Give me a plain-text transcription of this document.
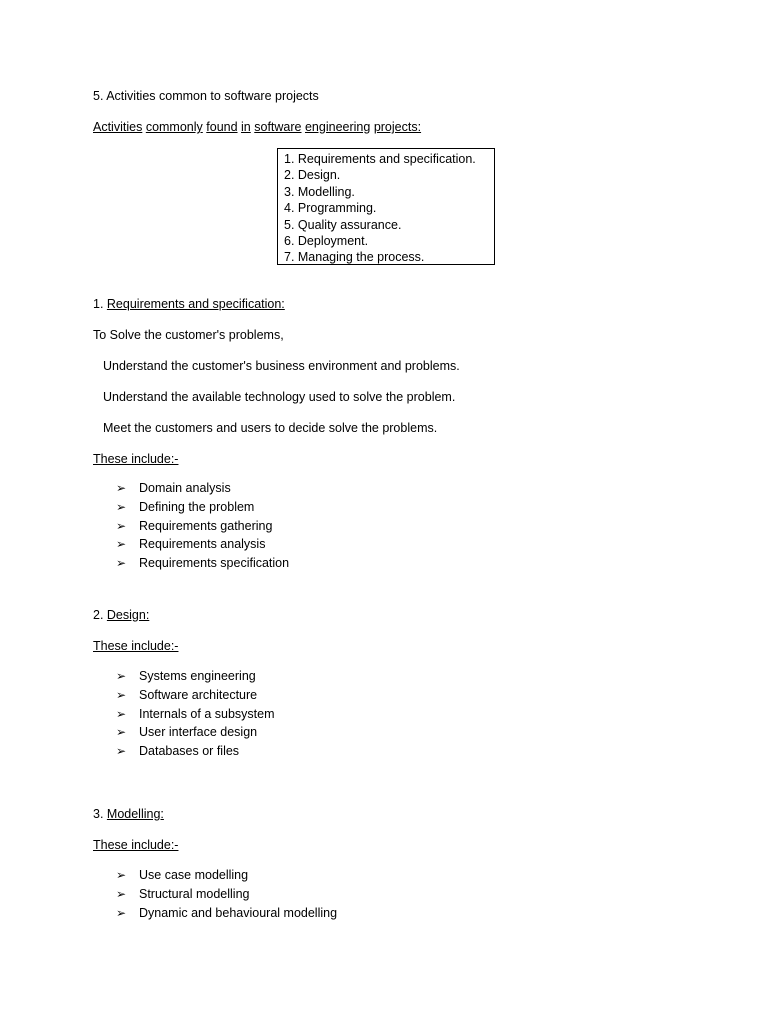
5. Activities common to software projects
Activities commonly found in software engineering projects:
1. Requirements and specification.
2. Design.
3. Modelling.
4. Programming.
5. Quality assurance.
6. Deployment.
7. Managing the process.
1. Requirements and specification:
To Solve the customer's problems,
Understand the customer's business environment and problems.
Understand the available technology used to solve the problem.
Meet the customers and users to decide solve the problems.
These include:-
➢ Domain analysis
➢ Defining the problem
➢ Requirements gathering
➢ Requirements analysis
➢ Requirements specification
2. Design:
These include:-
➢ Systems engineering
➢ Software architecture
➢ Internals of a subsystem
➢ User interface design
➢ Databases or files
3. Modelling:
These include:-
➢ Use case modelling
➢ Structural modelling
➢ Dynamic and behavioural modelling
